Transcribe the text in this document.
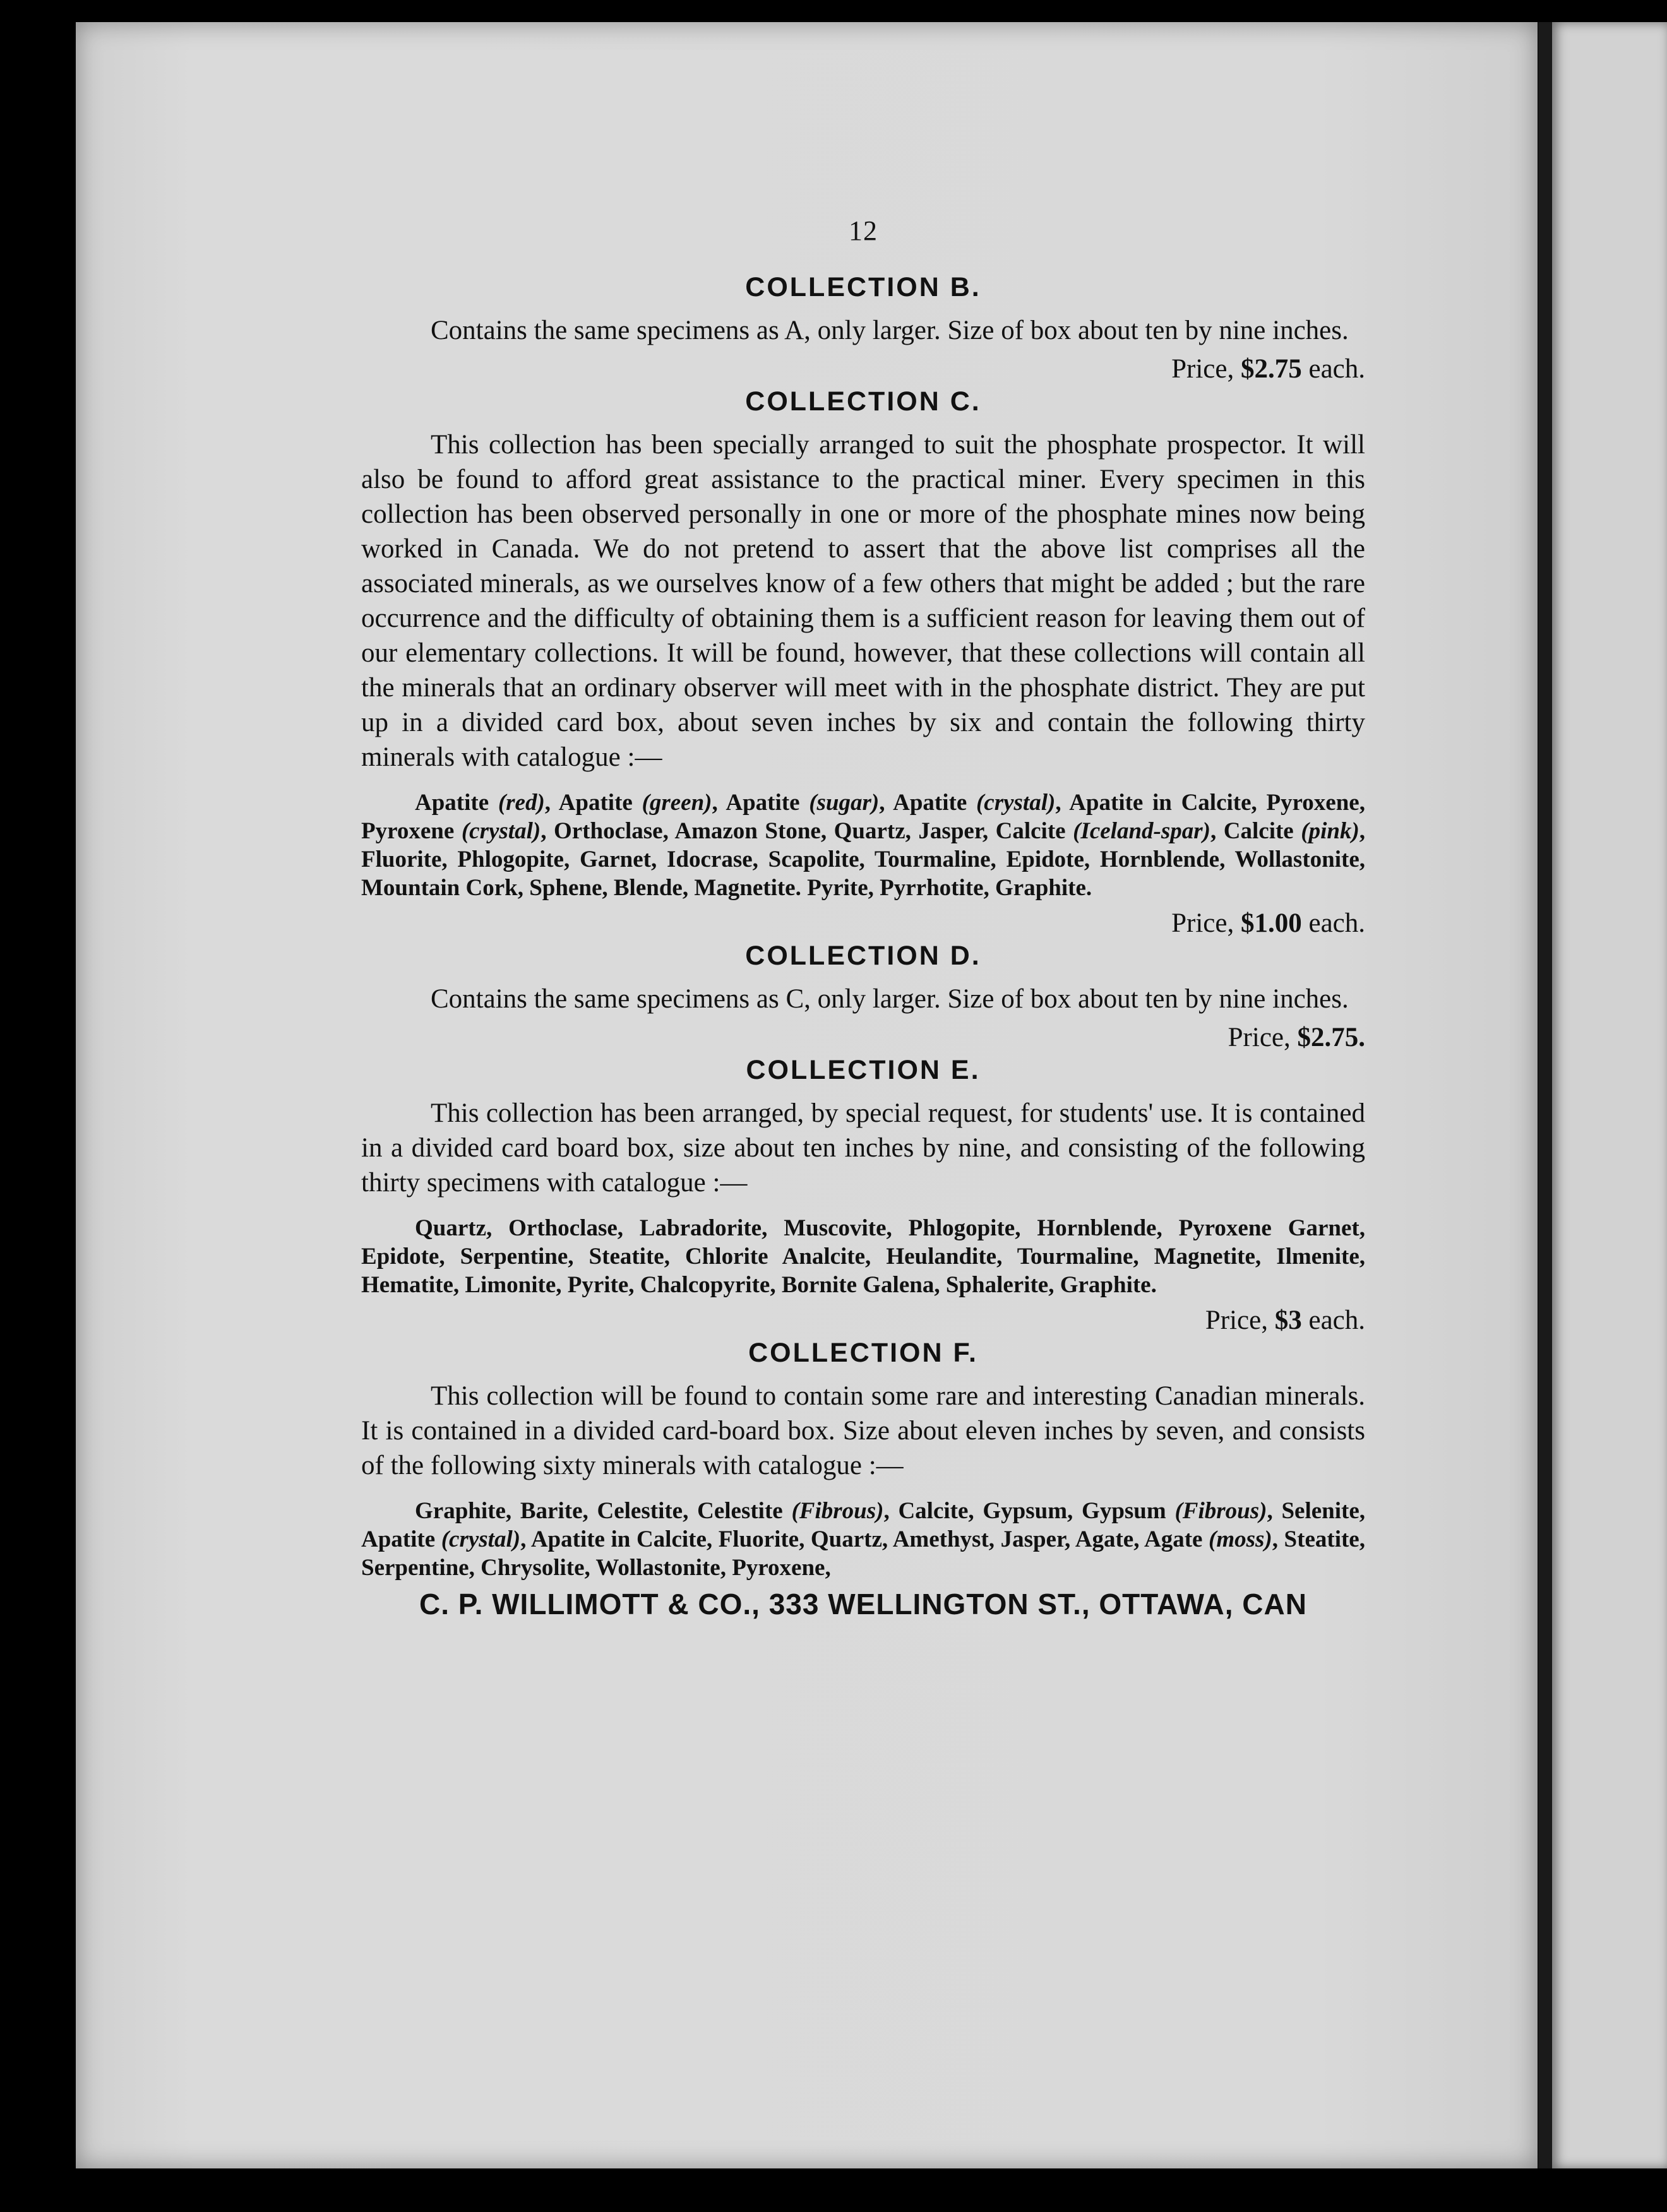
12
COLLECTION B.

Contains the same specimens as A, only larger. Size of box about ten by nine inches.

Price, $2.75 each.
COLLECTION C.

This collection has been specially arranged to suit the phosphate prospector. It will also be found to afford great assistance to the practical miner. Every specimen in this collection has been observed personally in one or more of the phosphate mines now being worked in Canada. We do not pretend to assert that the above list comprises all the associated minerals, as we ourselves know of a few others that might be added ; but the rare occurrence and the difficulty of obtaining them is a sufficient reason for leaving them out of our elementary collections. It will be found, however, that these collections will contain all the minerals that an ordinary observer will meet with in the phosphate district. They are put up in a divided card box, about seven inches by six and contain the following thirty minerals with catalogue :—

Apatite (red), Apatite (green), Apatite (sugar), Apatite (crystal), Apatite in Calcite, Pyroxene, Pyroxene (crystal), Orthoclase, Amazon Stone, Quartz, Jasper, Calcite (Iceland-spar), Calcite (pink), Fluorite, Phlogopite, Garnet, Idocrase, Scapolite, Tourmaline, Epidote, Hornblende, Wollastonite, Mountain Cork, Sphene, Blende, Magnetite. Pyrite, Pyrrhotite, Graphite.

Price, $1.00 each.
COLLECTION D.

Contains the same specimens as C, only larger. Size of box about ten by nine inches.

Price, $2.75.
COLLECTION E.

This collection has been arranged, by special request, for students' use. It is contained in a divided card board box, size about ten inches by nine, and consisting of the following thirty specimens with catalogue :—

Quartz, Orthoclase, Labradorite, Muscovite, Phlogopite, Hornblende, Pyroxene Garnet, Epidote, Serpentine, Steatite, Chlorite Analcite, Heulandite, Tourmaline, Magnetite, Ilmenite, Hematite, Limonite, Pyrite, Chalcopyrite, Bornite Galena, Sphalerite, Graphite.

Price, $3 each.
COLLECTION F.

This collection will be found to contain some rare and interesting Canadian minerals. It is contained in a divided card-board box. Size about eleven inches by seven, and consists of the following sixty minerals with catalogue :—

Graphite, Barite, Celestite, Celestite (Fibrous), Calcite, Gypsum, Gypsum (Fibrous), Selenite, Apatite (crystal), Apatite in Calcite, Fluorite, Quartz, Amethyst, Jasper, Agate, Agate (moss), Steatite, Serpentine, Chrysolite, Wollastonite, Pyroxene,

C. P. WILLIMOTT & CO., 333 WELLINGTON ST., OTTAWA, CAN
